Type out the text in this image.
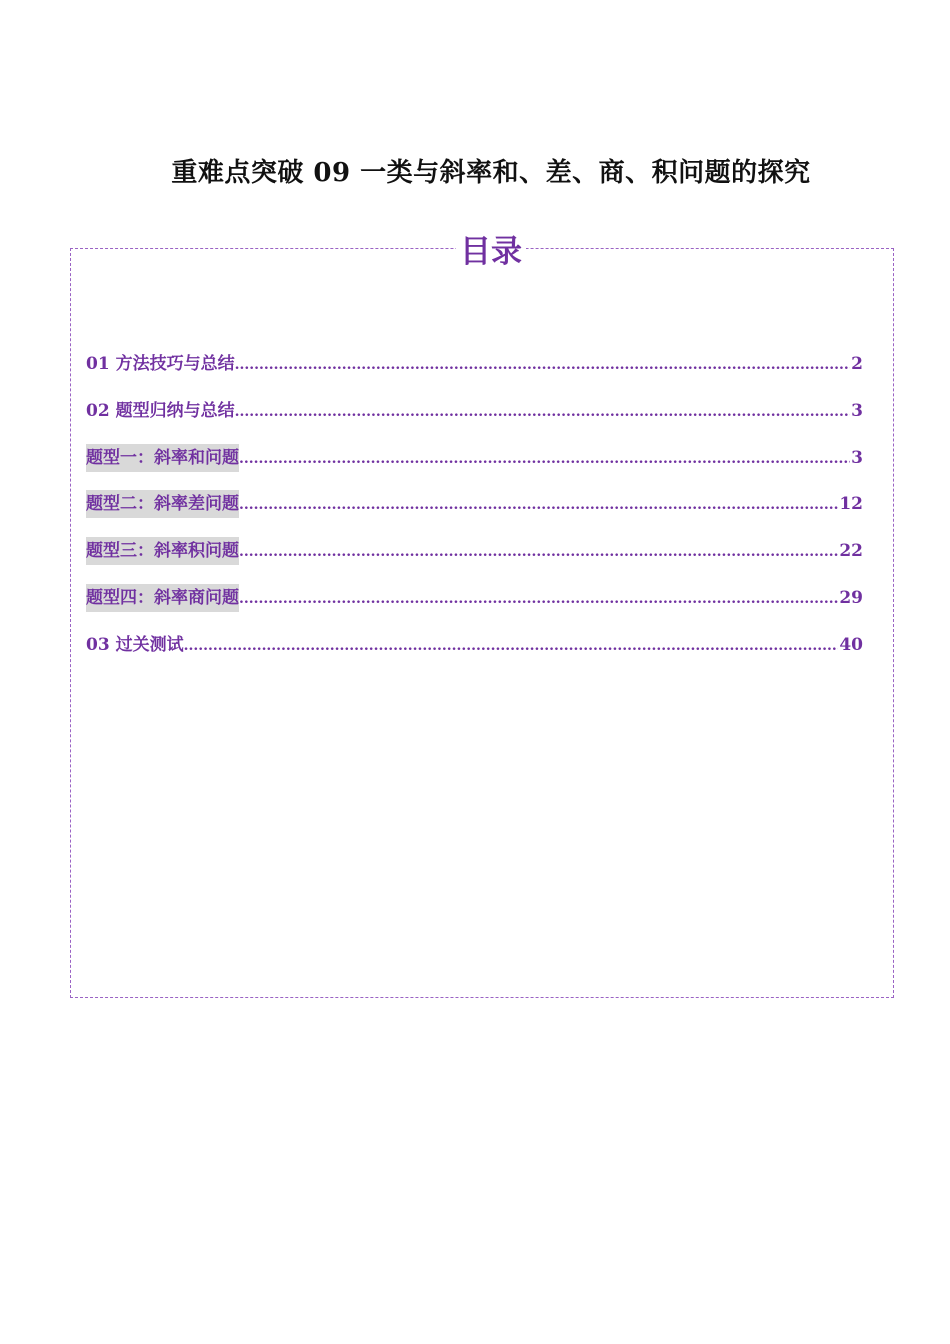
重难点突破 09 一类与斜率和、差、商、积问题的探究
目录
01 方法技巧与总结 .....	2
02 题型归纳与总结 .....	3
题型一：斜率和问题 .....	3
题型二：斜率差问题 .....	12
题型三：斜率积问题 .....	22
题型四：斜率商问题 .....	29
03 过关测试 .....	40
